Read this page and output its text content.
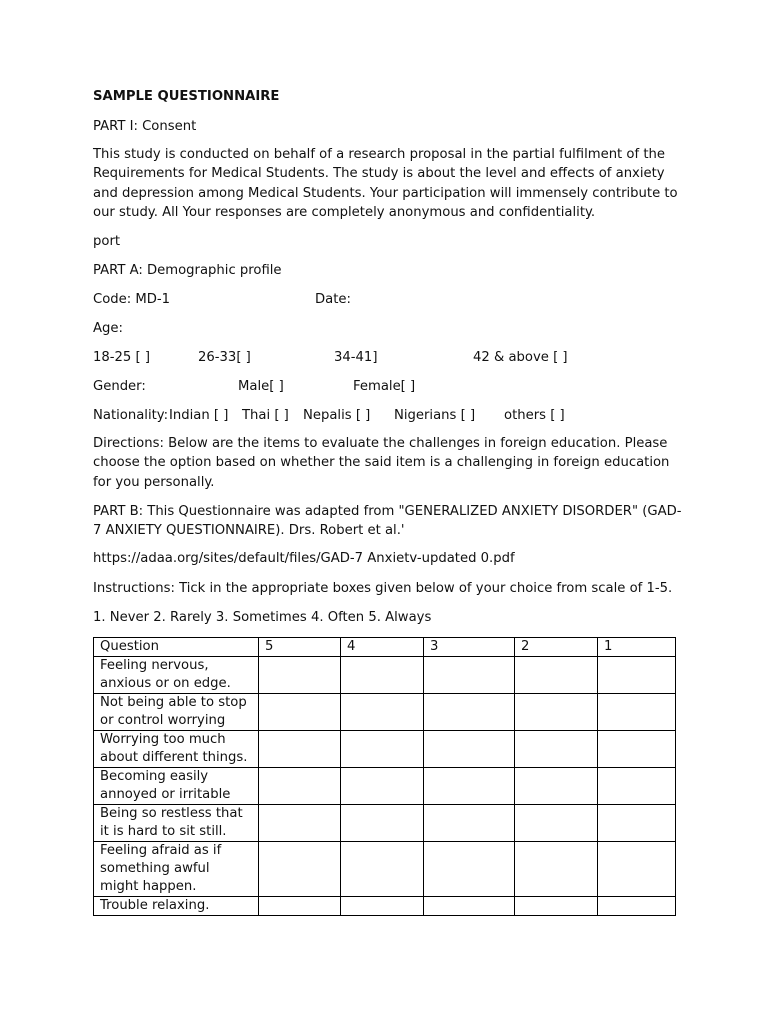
SAMPLE QUESTIONNAIRE
PART I: Consent
This study is conducted on behalf of a research proposal in the partial fulfilment of the Requirements for Medical Students. The study is about the level and effects of anxiety and depression among Medical Students. Your participation will immensely contribute to our study. All Your responses are completely anonymous and confidentiality.
port
PART A: Demographic profile
Code: MD-1	Date:
Age:
18-25 [ ]	26-33[ ]	34-41]	42 & above [ ]
Gender:	Male[ ]	Female[ ]
Nationality: Indian [ ] Thai [ ] Nepalis [ ] Nigerians [ ] others [ ]
Directions: Below are the items to evaluate the challenges in foreign education. Please choose the option based on whether the said item is a challenging in foreign education for you personally.
PART B: This Questionnaire was adapted from "GENERALIZED ANXIETY DISORDER" (GAD-7 ANXIETY QUESTIONNAIRE). Drs. Robert et al.'
https://adaa.org/sites/default/files/GAD-7 Anxietv-updated 0.pdf
Instructions: Tick in the appropriate boxes given below of your choice from scale of 1-5.
1. Never 2. Rarely 3. Sometimes 4. Often 5. Always
Question	5	4	3	2	1
Feeling nervous, anxious or on edge.					
Not being able to stop or control worrying					
Worrying too much about different things.					
Becoming easily annoyed or irritable					
Being so restless that it is hard to sit still.					
Feeling afraid as if something awful might happen.					
Trouble relaxing.					
